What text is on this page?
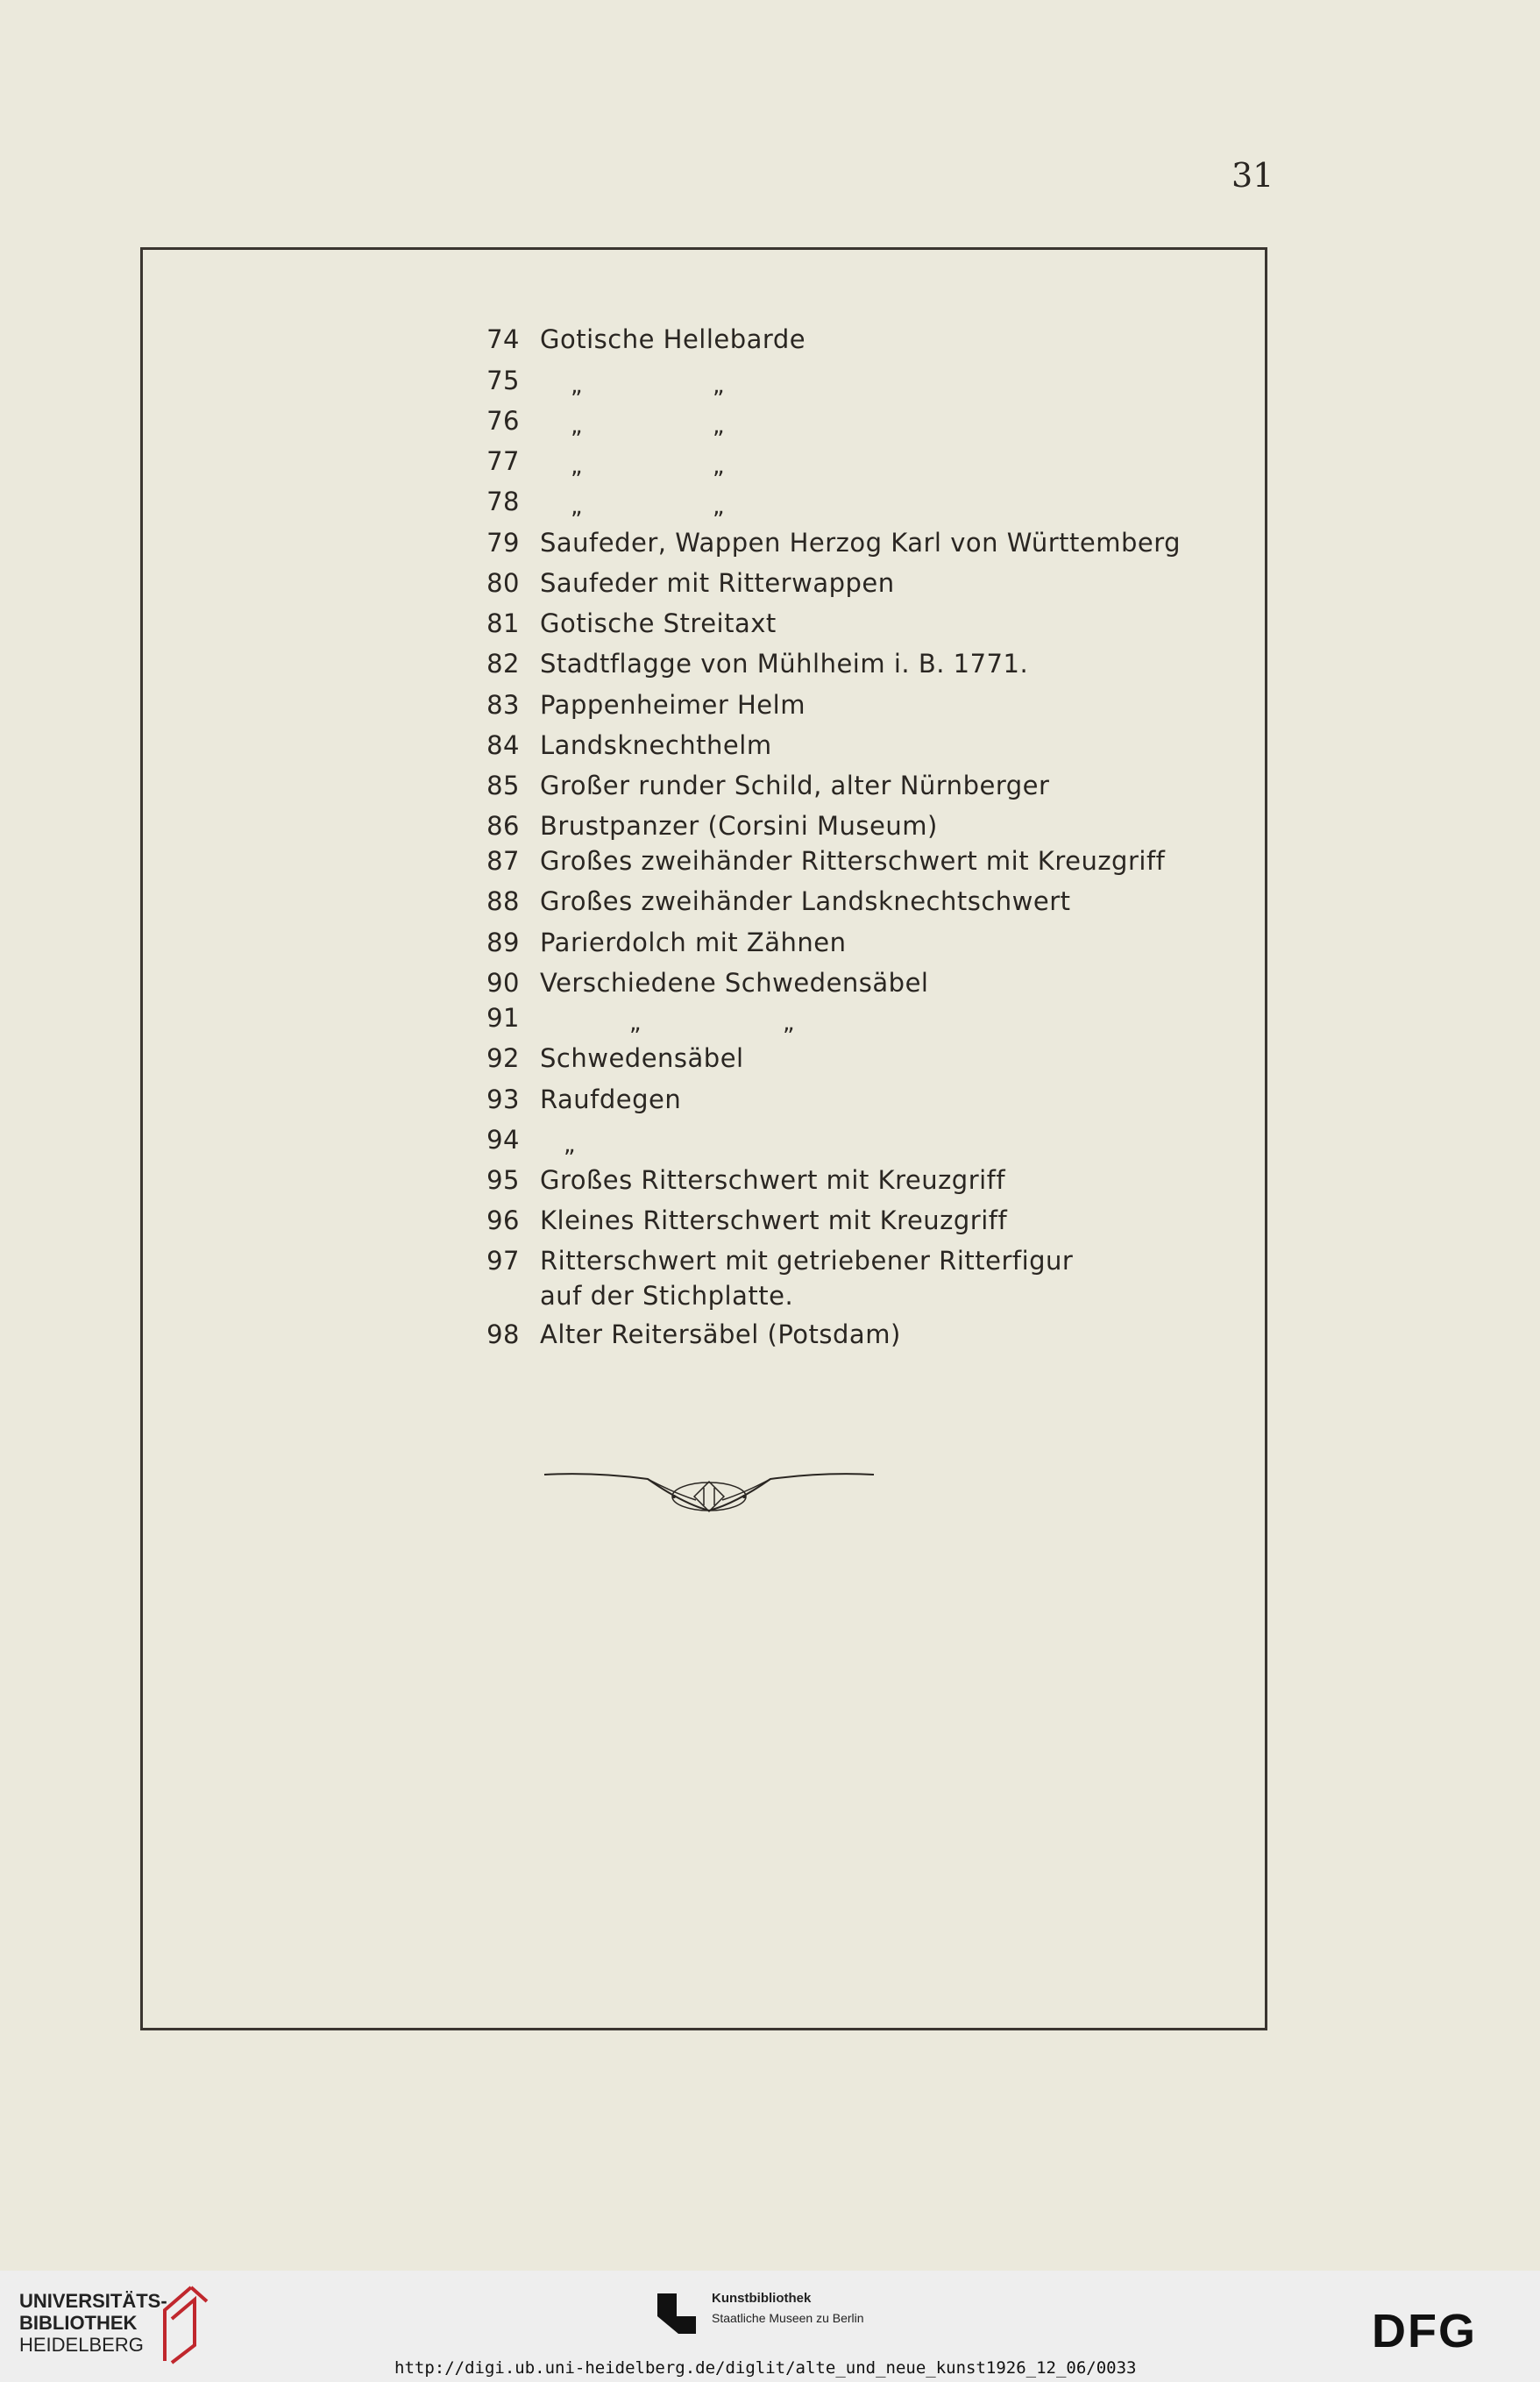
31
74 Gotische Hellebarde
75 „	„
76 „	„
77 „	„
78 „	„
79 Saufeder, Wappen Herzog Karl von Württemberg
80 Saufeder mit Ritterwappen
81 Gotische Streitaxt
82 Stadtflagge von Mühlheim i. B. 1771.
83 Pappenheimer Helm
84 Landsknechthelm
85 Großer runder Schild, alter Nürnberger
86 Brustpanzer (Corsini Museum)
87 Großes zweihänder Ritterschwert mit Kreuzgriff
88 Großes zweihänder Landsknechtschwert
89 Parierdolch mit Zähnen
90 Verschiedene Schwedensäbel
91	„	„
92 Schwedensäbel
93 Raufdegen
94 „
95 Großes Ritterschwert mit Kreuzgriff
96 Kleines Ritterschwert mit Kreuzgriff
97 Ritterschwert mit getriebener Ritterfigur
auf der Stichplatte.
98 Alter Reitersäbel (Potsdam)
UNIVERSITÄTS-
BIBLIOTHEK
HEIDELBERG
Kunstbibliothek
Staatliche Museen zu Berlin	DFG
http://digi.ub.uni-heidelberg.de/diglit/alte_und_neue_kunst1926_12_06/0033
